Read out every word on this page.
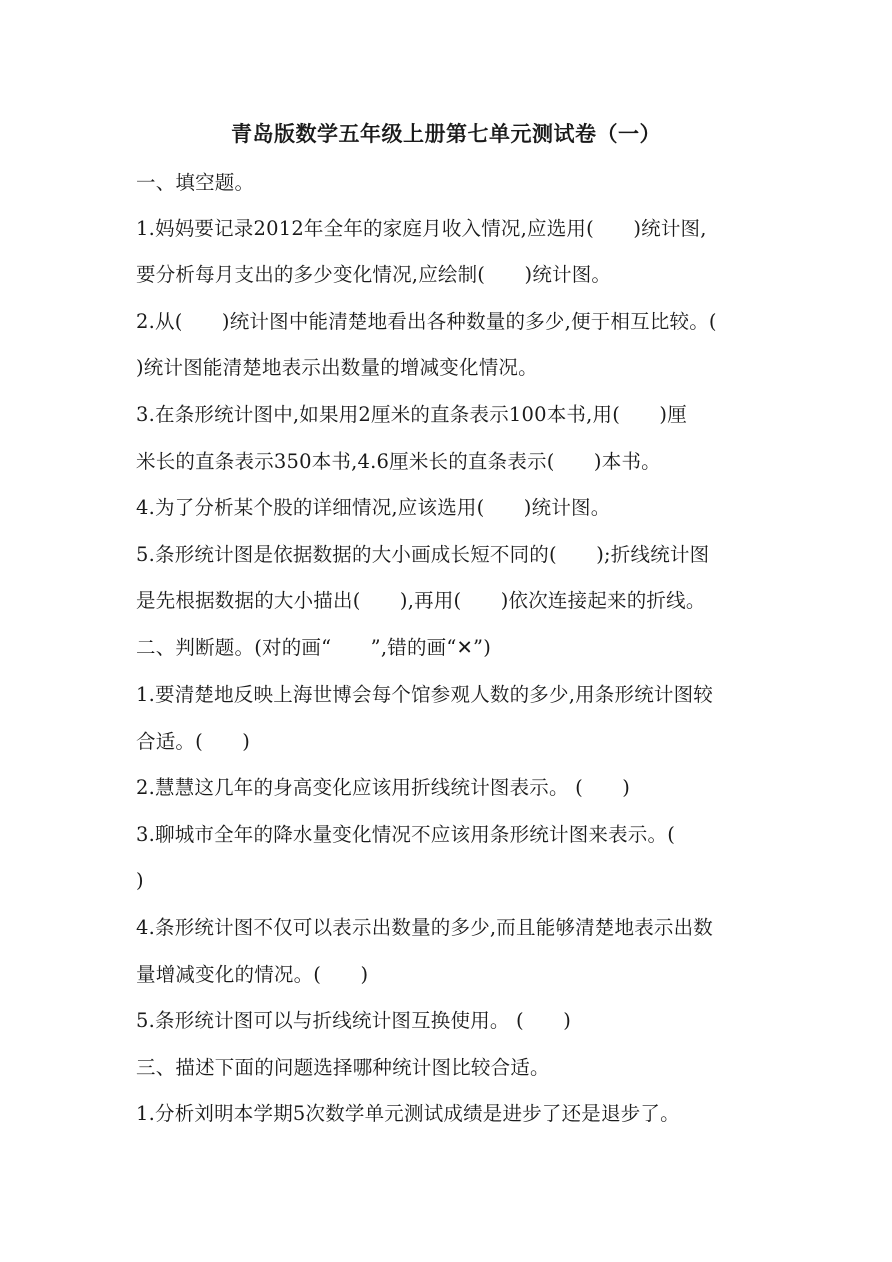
青岛版数学五年级上册第七单元测试卷（一）
一、填空题。
1.妈妈要记录2012年全年的家庭月收入情况,应选用(　　)统计图,
要分析每月支出的多少变化情况,应绘制(　　)统计图。
2.从(　　)统计图中能清楚地看出各种数量的多少,便于相互比较。(
)统计图能清楚地表示出数量的增减变化情况。
3.在条形统计图中,如果用2厘米的直条表示100本书,用(　　)厘
米长的直条表示350本书,4.6厘米长的直条表示(　　)本书。
4.为了分析某个股的详细情况,应该选用(　　)统计图。
5.条形统计图是依据数据的大小画成长短不同的(　　);折线统计图
是先根据数据的大小描出(　　),再用(　　)依次连接起来的折线。
二、判断题。(对的画“　　”,错的画“✕”)
1.要清楚地反映上海世博会每个馆参观人数的多少,用条形统计图较
合适。(　　)
2.慧慧这几年的身高变化应该用折线统计图表示。 (　　)
3.聊城市全年的降水量变化情况不应该用条形统计图来表示。(
)
4.条形统计图不仅可以表示出数量的多少,而且能够清楚地表示出数
量增减变化的情况。(　　)
5.条形统计图可以与折线统计图互换使用。 (　　)
三、描述下面的问题选择哪种统计图比较合适。
1.分析刘明本学期5次数学单元测试成绩是进步了还是退步了。
